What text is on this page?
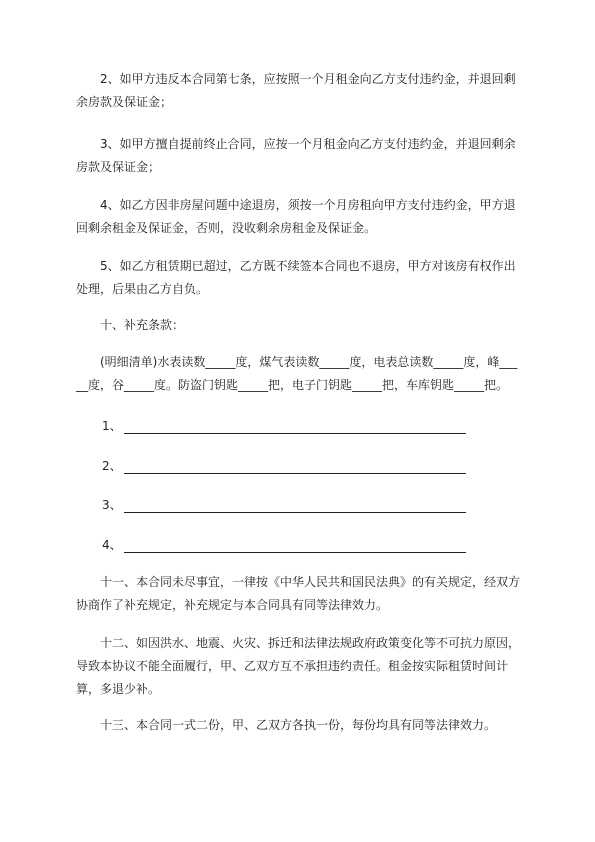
　　2、如甲方违反本合同第七条，应按照一个月租金向乙方支付违约金，并退回剩余房款及保证金；

　　3、如甲方擅自提前终止合同，应按一个月租金向乙方支付违约金，并退回剩余房款及保证金；

　　4、如乙方因非房屋问题中途退房，须按一个月房租向甲方支付违约金，甲方退回剩余租金及保证金，否则，没收剩余房租金及保证金。

　　5、如乙方租赁期已超过，乙方既不续签本合同也不退房，甲方对该房有权作出处理，后果由乙方自负。

　　十、补充条款：

　　(明细清单)水表读数_____度，煤气表读数_____度，电表总读数_____度，峰_____度，谷_____度。防盗门钥匙_____把，电子门钥匙_____把，车库钥匙_____把。

1、
2、
3、
4、

　　十一、本合同未尽事宜，一律按《中华人民共和国民法典》的有关规定，经双方协商作了补充规定，补充规定与本合同具有同等法律效力。

　　十二、如因洪水、地震、火灾、拆迁和法律法规政府政策变化等不可抗力原因，导致本协议不能全面履行，甲、乙双方互不承担违约责任。租金按实际租赁时间计算，多退少补。

　　十三、本合同一式二份，甲、乙双方各执一份，每份均具有同等法律效力。
